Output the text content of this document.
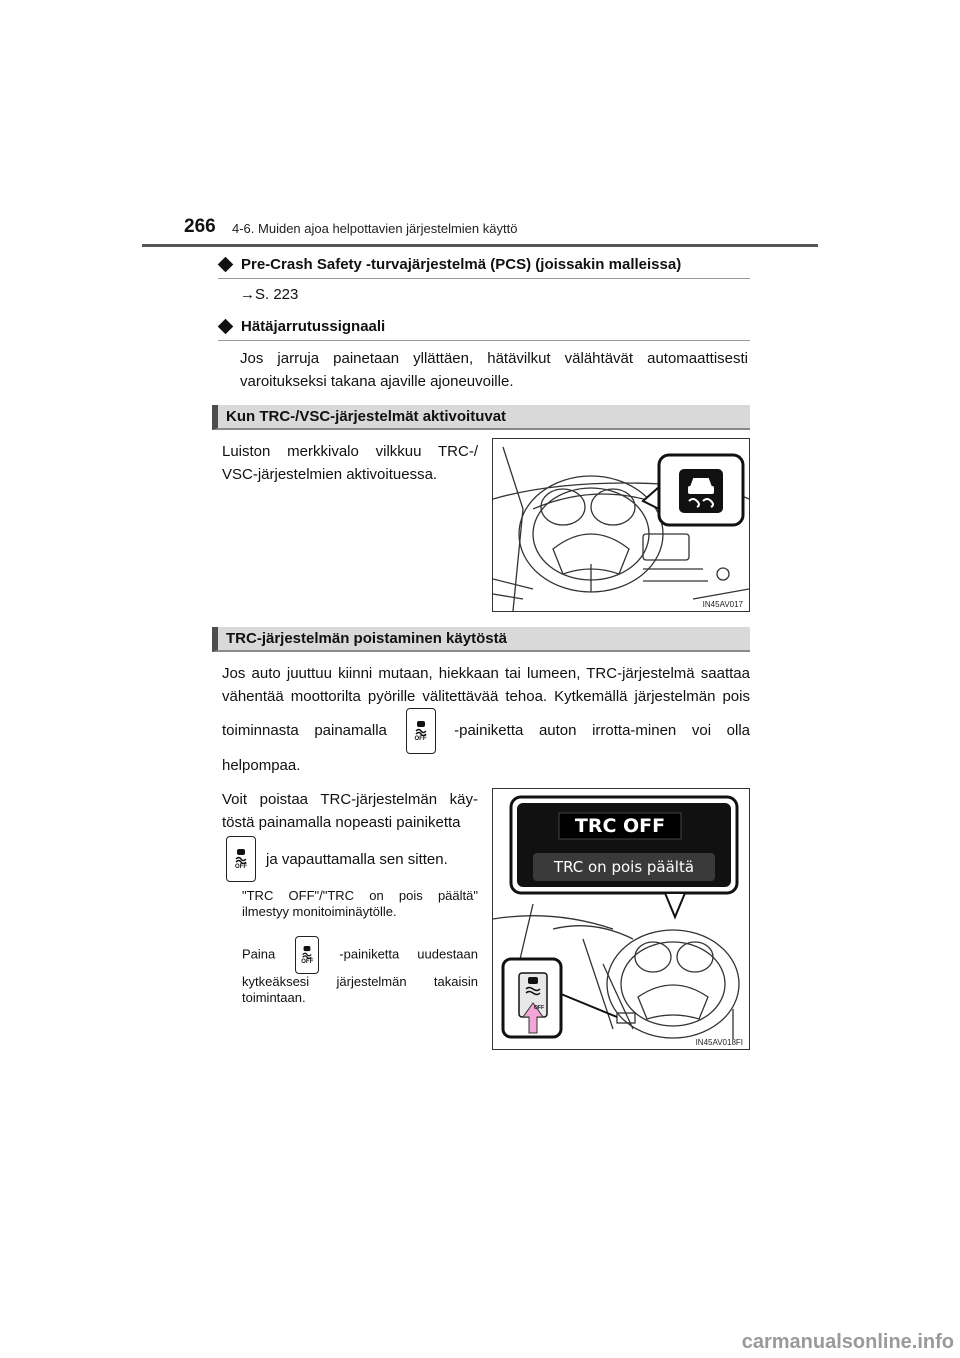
266 4-6. Muiden ajoa helpottavien järjestelmien käyttö
Pre-Crash Safety -turvajärjestelmä (PCS) (joissakin malleissa)
→S. 223
Hätäjarrutussignaali
Jos jarruja painetaan yllättäen, hätävilkut välähtävät automaattisesti varoitukseksi takana ajaville ajoneuvoille.
Kun TRC-/VSC-järjestelmät aktivoituvat
Luiston merkkivalo vilkkuu TRC-/ VSC-järjestelmien aktivoituessa.
IN45AV017
TRC-järjestelmän poistaminen käytöstä
Jos auto juuttuu kiinni mutaan, hiekkaan tai lumeen, TRC-järjestelmä saattaa vähentää moottorilta pyörille välitettävää tehoa. Kytkemällä järjestelmän pois toiminnasta painamalla	OFF -painiketta auton irrotta-minen voi olla helpompaa.
Voit poistaa TRC-järjestelmän käy-töstä painamalla nopeasti painiketta
OFF ja vapauttamalla sen sitten.
"TRC OFF"/"TRC on pois päältä" ilmestyy monitoiminäytölle.
Paina
OFF
-painiketta uudestaan kytkeäksesi järjestelmän takaisin toimintaan.
TRC OFF
TRC on pois päältä
OFF
IN45AV018FI
carmanualsonline.info
